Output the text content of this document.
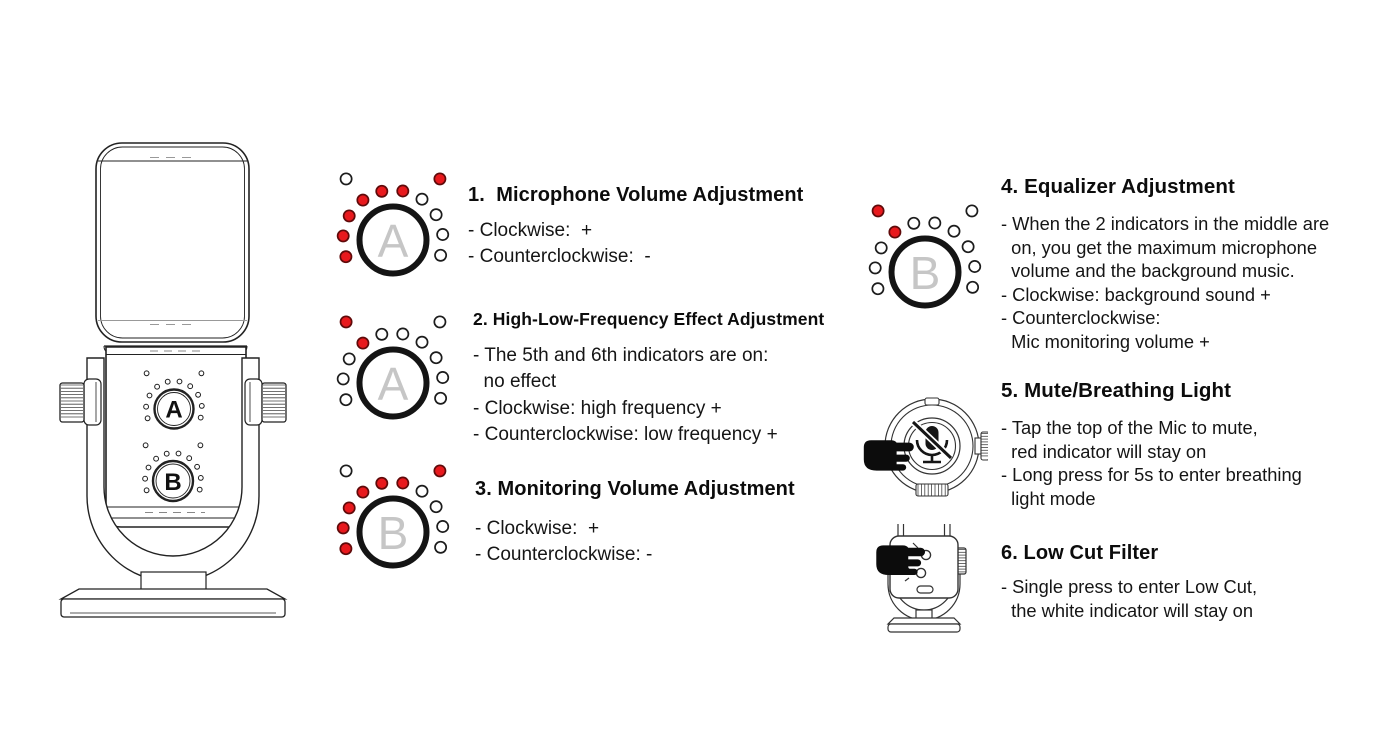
A
B
A
A
B
B
1.  Microphone Volume Adjustment
- Clockwise:  +
- Counterclockwise:  -
2. High-Low-Frequency Effect Adjustment
- The 5th and 6th indicators are on:
no effect
- Clockwise: high frequency +
- Counterclockwise: low frequency +
3. Monitoring Volume Adjustment
- Clockwise:  +
- Counterclockwise: -
4. Equalizer Adjustment
- When the 2 indicators in the middle are
on, you get the maximum microphone
volume and the background music.
- Clockwise: background sound +
- Counterclockwise:
Mic monitoring volume +
5. Mute/Breathing Light
- Tap the top of the Mic to mute,
red indicator will stay on
- Long press for 5s to enter breathing
light mode
6. Low Cut Filter
- Single press to enter Low Cut,
the white indicator will stay on
